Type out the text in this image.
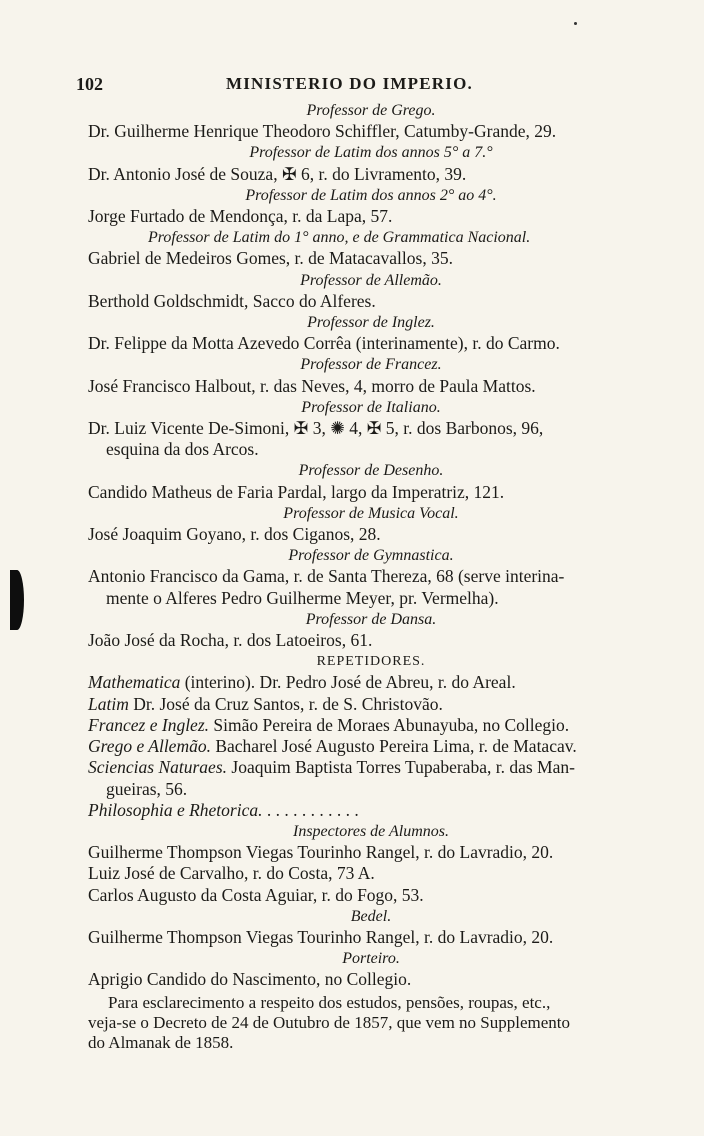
102	MINISTERIO DO IMPERIO.
Professor de Grego.
Dr. Guilherme Henrique Theodoro Schiffler, Catumby-Grande, 29.
Professor de Latim dos annos 5° a 7.°
Dr. Antonio José de Souza, ✠ 6, r. do Livramento, 39.
Professor de Latim dos annos 2° ao 4°.
Jorge Furtado de Mendonça, r. da Lapa, 57.
Professor de Latim do 1° anno, e de Grammatica Nacional.
Gabriel de Medeiros Gomes, r. de Matacavallos, 35.
Professor de Allemão.
Berthold Goldschmidt, Sacco do Alferes.
Professor de Inglez.
Dr. Felippe da Motta Azevedo Corrêa (interinamente), r. do Carmo.
Professor de Francez.
José Francisco Halbout, r. das Neves, 4, morro de Paula Mattos.
Professor de Italiano.
Dr. Luiz Vicente De-Simoni, ✠ 3, ✺ 4, ✠ 5, r. dos Barbonos, 96,
esquina da dos Arcos.
Professor de Desenho.
Candido Matheus de Faria Pardal, largo da Imperatriz, 121.
Professor de Musica Vocal.
José Joaquim Goyano, r. dos Ciganos, 28.
Professor de Gymnastica.
Antonio Francisco da Gama, r. de Santa Thereza, 68 (serve interina-
mente o Alferes Pedro Guilherme Meyer, pr. Vermelha).
Professor de Dansa.
João José da Rocha, r. dos Latoeiros, 61.
REPETIDORES.
Mathematica (interino). Dr. Pedro José de Abreu, r. do Areal.
Latim Dr. José da Cruz Santos, r. de S. Christovão.
Francez e Inglez. Simão Pereira de Moraes Abunayuba, no Collegio.
Grego e Allemão. Bacharel José Augusto Pereira Lima, r. de Matacav.
Sciencias Naturaes. Joaquim Baptista Torres Tupaberaba, r. das Man-
gueiras, 56.
Philosophia e Rhetorica. . . . . . . . . . . .
Inspectores de Alumnos.
Guilherme Thompson Viegas Tourinho Rangel, r. do Lavradio, 20.
Luiz José de Carvalho, r. do Costa, 73 A.
Carlos Augusto da Costa Aguiar, r. do Fogo, 53.
Bedel.
Guilherme Thompson Viegas Tourinho Rangel, r. do Lavradio, 20.
Porteiro.
Aprigio Candido do Nascimento, no Collegio.
Para esclarecimento a respeito dos estudos, pensões, roupas, etc.,
veja-se o Decreto de 24 de Outubro de 1857, que vem no Supplemento
do Almanak de 1858.
